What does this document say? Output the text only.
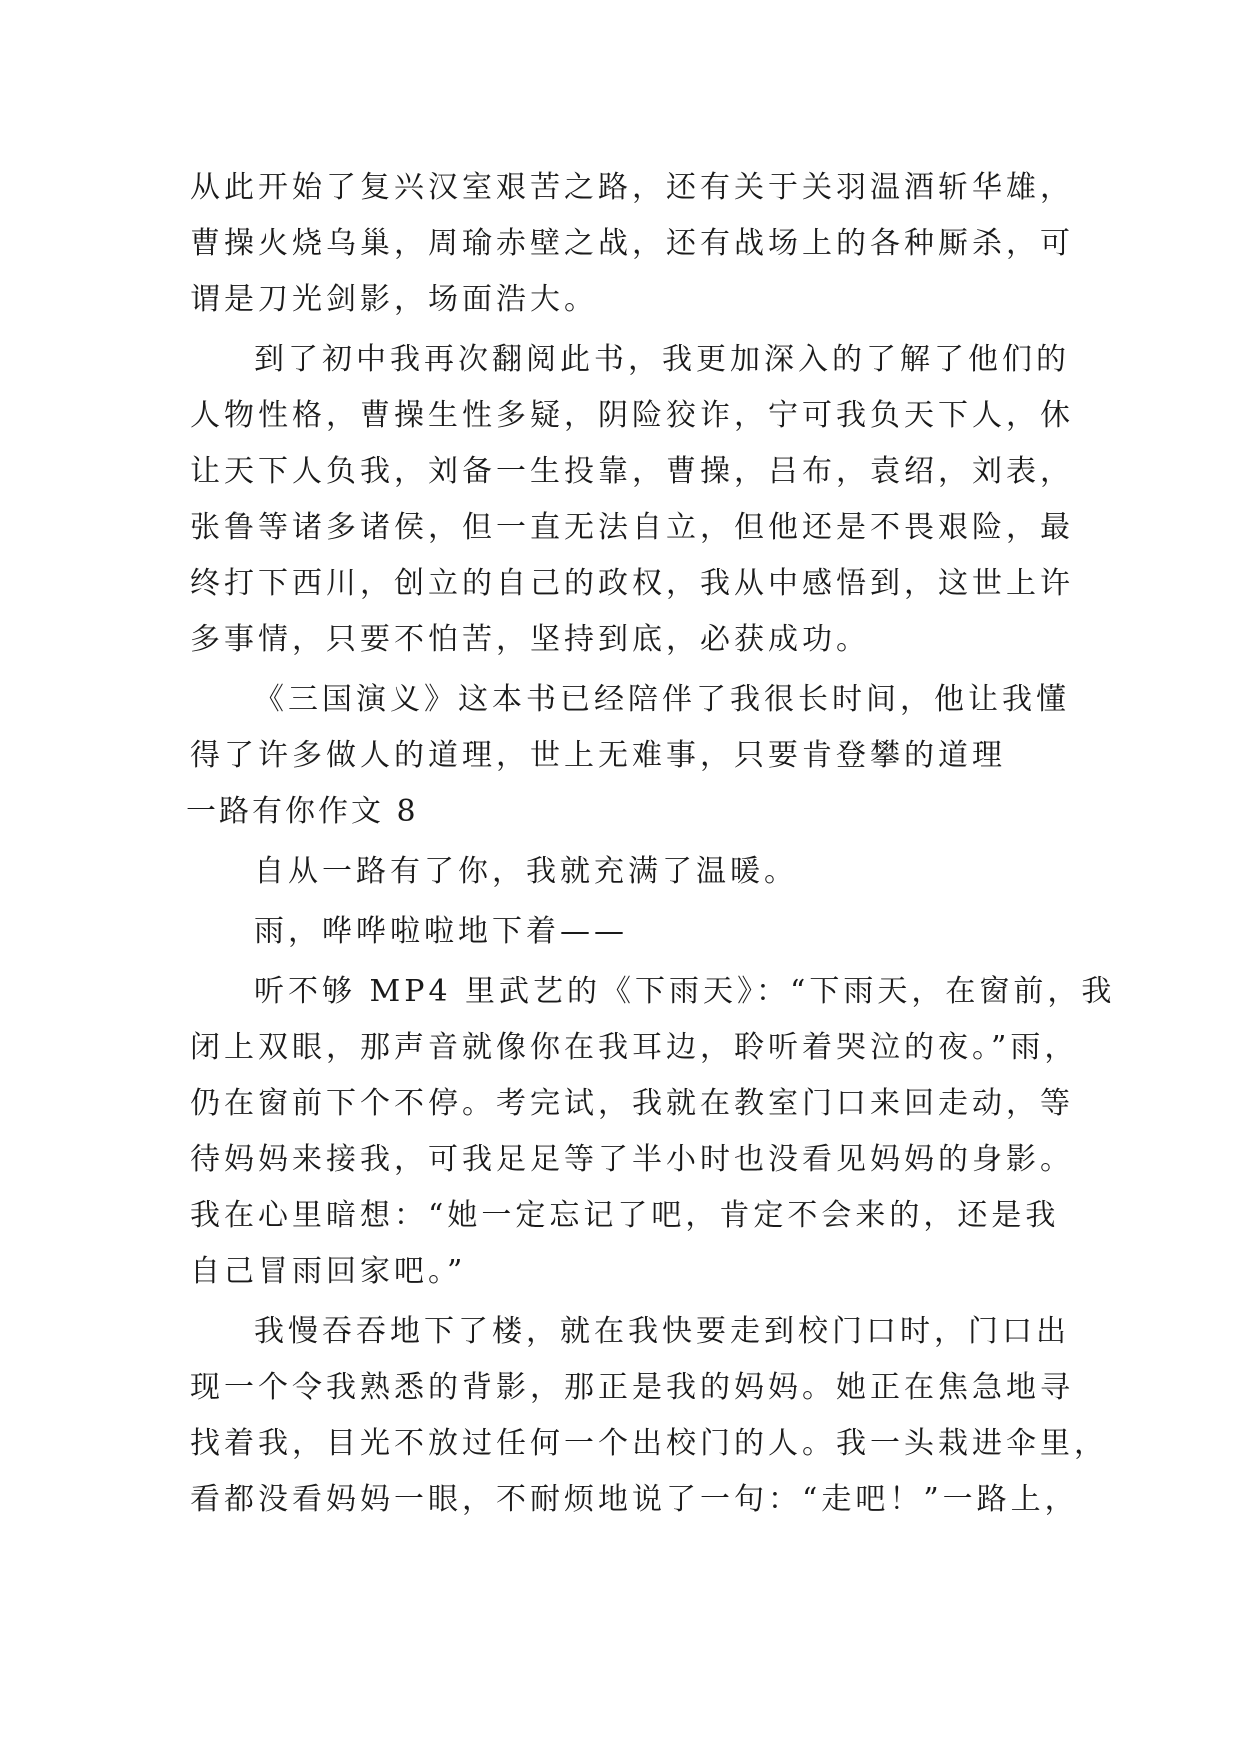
从此开始了复兴汉室艰苦之路，还有关于关羽温酒斩华雄，
曹操火烧乌巢，周瑜赤壁之战，还有战场上的各种厮杀，可
谓是刀光剑影，场面浩大。
到了初中我再次翻阅此书，我更加深入的了解了他们的
人物性格，曹操生性多疑，阴险狡诈，宁可我负天下人，休
让天下人负我，刘备一生投靠，曹操，吕布，袁绍，刘表，
张鲁等诸多诸侯，但一直无法自立，但他还是不畏艰险，最
终打下西川，创立的自己的政权，我从中感悟到，这世上许
多事情，只要不怕苦，坚持到底，必获成功。
《三国演义》这本书已经陪伴了我很长时间，他让我懂
得了许多做人的道理，世上无难事，只要肯登攀的道理
一路有你作文 8
自从一路有了你，我就充满了温暖。
雨，哗哗啦啦地下着——
听不够 MP4 里武艺的《下雨天》：“下雨天，在窗前，我
闭上双眼，那声音就像你在我耳边，聆听着哭泣的夜。”雨，
仍在窗前下个不停。考完试，我就在教室门口来回走动，等
待妈妈来接我，可我足足等了半小时也没看见妈妈的身影。
我在心里暗想：“她一定忘记了吧，肯定不会来的，还是我
自己冒雨回家吧。”
我慢吞吞地下了楼，就在我快要走到校门口时，门口出
现一个令我熟悉的背影，那正是我的妈妈。她正在焦急地寻
找着我，目光不放过任何一个出校门的人。我一头栽进伞里，
看都没看妈妈一眼，不耐烦地说了一句：“走吧！”一路上，
